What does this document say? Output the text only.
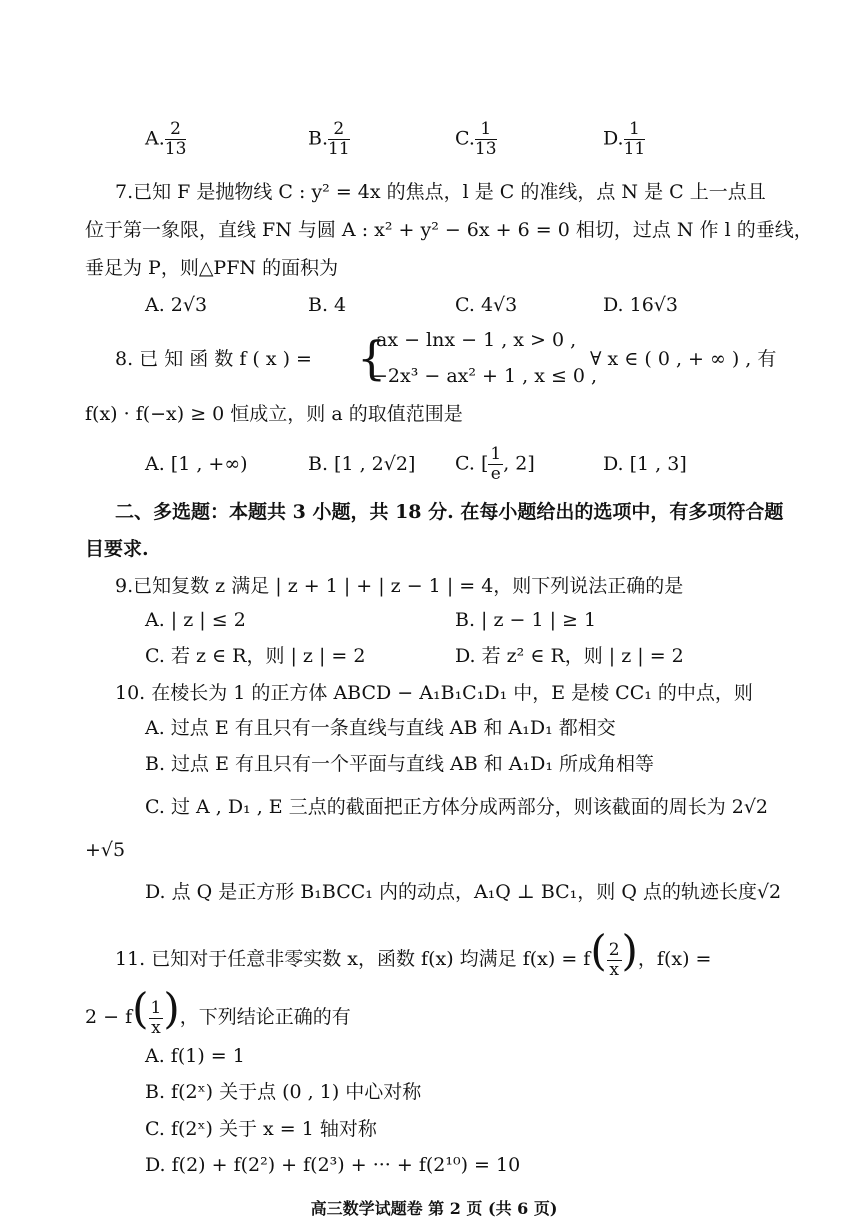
A. $\frac{2}{13}$	B. $\frac{2}{11}$	C. $\frac{1}{13}$	D. $\frac{1}{11}$
7.已知 F 是抛物线 C : y² = 4x 的焦点，l 是 C 的准线，点 N 是 C 上一点且
位于第一象限，直线 FN 与圆 A : x² + y² − 6x + 6 = 0 相切，过点 N 作 l 的垂线，
垂足为 P，则△PFN 的面积为
A. 2√3	B. 4	C. 4√3	D. 16√3
8. 已 知 函 数 f ( x ) = {
ax − lnx − 1 , x > 0 ,
−2x³ − ax² + 1 , x ≤ 0 ,
∀ x ∈ ( 0 , + ∞ ) , 有
f(x) · f(−x) ≥ 0 恒成立，则 a 的取值范围是
A. [1 , +∞)	B. [1 , 2√2] C. [ $\frac{1}{e}$ , 2]	D. [1 , 3]
二、多选题：本题共 3 小题，共 18 分. 在每小题给出的选项中，有多项符合题
目要求.
9.已知复数 z 满足 | z + 1 | + | z − 1 | = 4，则下列说法正确的是
A. | z | ≤ 2	B. | z − 1 | ≥ 1
C. 若 z ∈ R，则 | z | = 2	D. 若 z² ∈ R，则 | z | = 2
10. 在棱长为 1 的正方体 ABCD − A₁B₁C₁D₁ 中，E 是棱 CC₁ 的中点，则
A. 过点 E 有且只有一条直线与直线 AB 和 A₁D₁ 都相交
B. 过点 E 有且只有一个平面与直线 AB 和 A₁D₁ 所成角相等
C. 过 A , D₁ , E 三点的截面把正方体分成两部分，则该截面的周长为 2√2
+√5
D. 点 Q 是正方形 B₁BCC₁ 内的动点，A₁Q ⊥ BC₁，则 Q 点的轨迹长度√2
11. 已知对于任意非零实数 x，函数 f(x) 均满足 $f(x) = f( \frac{2}{x}$ )，f(x) =
$2 - f( \frac{1}{x}$ )，下列结论正确的有
A. f(1) = 1
B. f(2ˣ) 关于点 (0 , 1) 中心对称
C. f(2ˣ) 关于 x = 1 轴对称
D. f(2) + f(2²) + f(2³) + ··· + f(2¹⁰) = 10
高三数学试题卷 第 2 页 (共 6 页)
